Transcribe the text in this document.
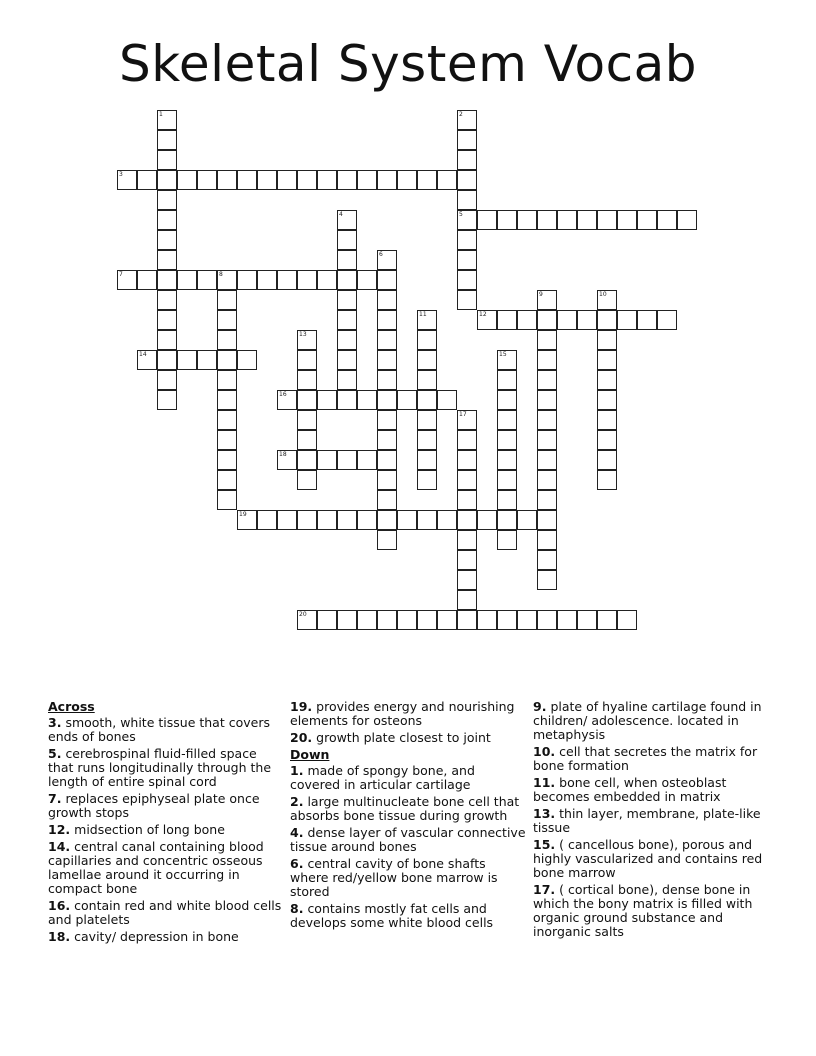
Skeletal System Vocab
3
5
7	8
12
14
16
18
19
20
1	2
4
6
9	10
11
13
15
17
Across
3. smooth, white tissue that covers ends of bones
5. cerebrospinal fluid-filled space that runs longitudinally through the length of entire spinal cord
7. replaces epiphyseal plate once growth stops
12. midsection of long bone
14. central canal containing blood capillaries and concentric osseous lamellae around it occurring in compact bone
16. contain red and white blood cells and platelets
18. cavity/ depression in bone
19. provides energy and nourishing elements for osteons
20. growth plate closest to joint
Down
1. made of spongy bone, and covered in articular cartilage
2. large multinucleate bone cell that absorbs bone tissue during growth
4. dense layer of vascular connective tissue around bones
6. central cavity of bone shafts where red/yellow bone marrow is stored
8. contains mostly fat cells and develops some white blood cells
9. plate of hyaline cartilage found in children/ adolescence. located in metaphysis
10. cell that secretes the matrix for bone formation
11. bone cell, when osteoblast becomes embedded in matrix
13. thin layer, membrane, plate-like tissue
15. ( cancellous bone), porous and highly vascularized and contains red bone marrow
17. ( cortical bone), dense bone in which the bony matrix is filled with organic ground substance and inorganic salts
